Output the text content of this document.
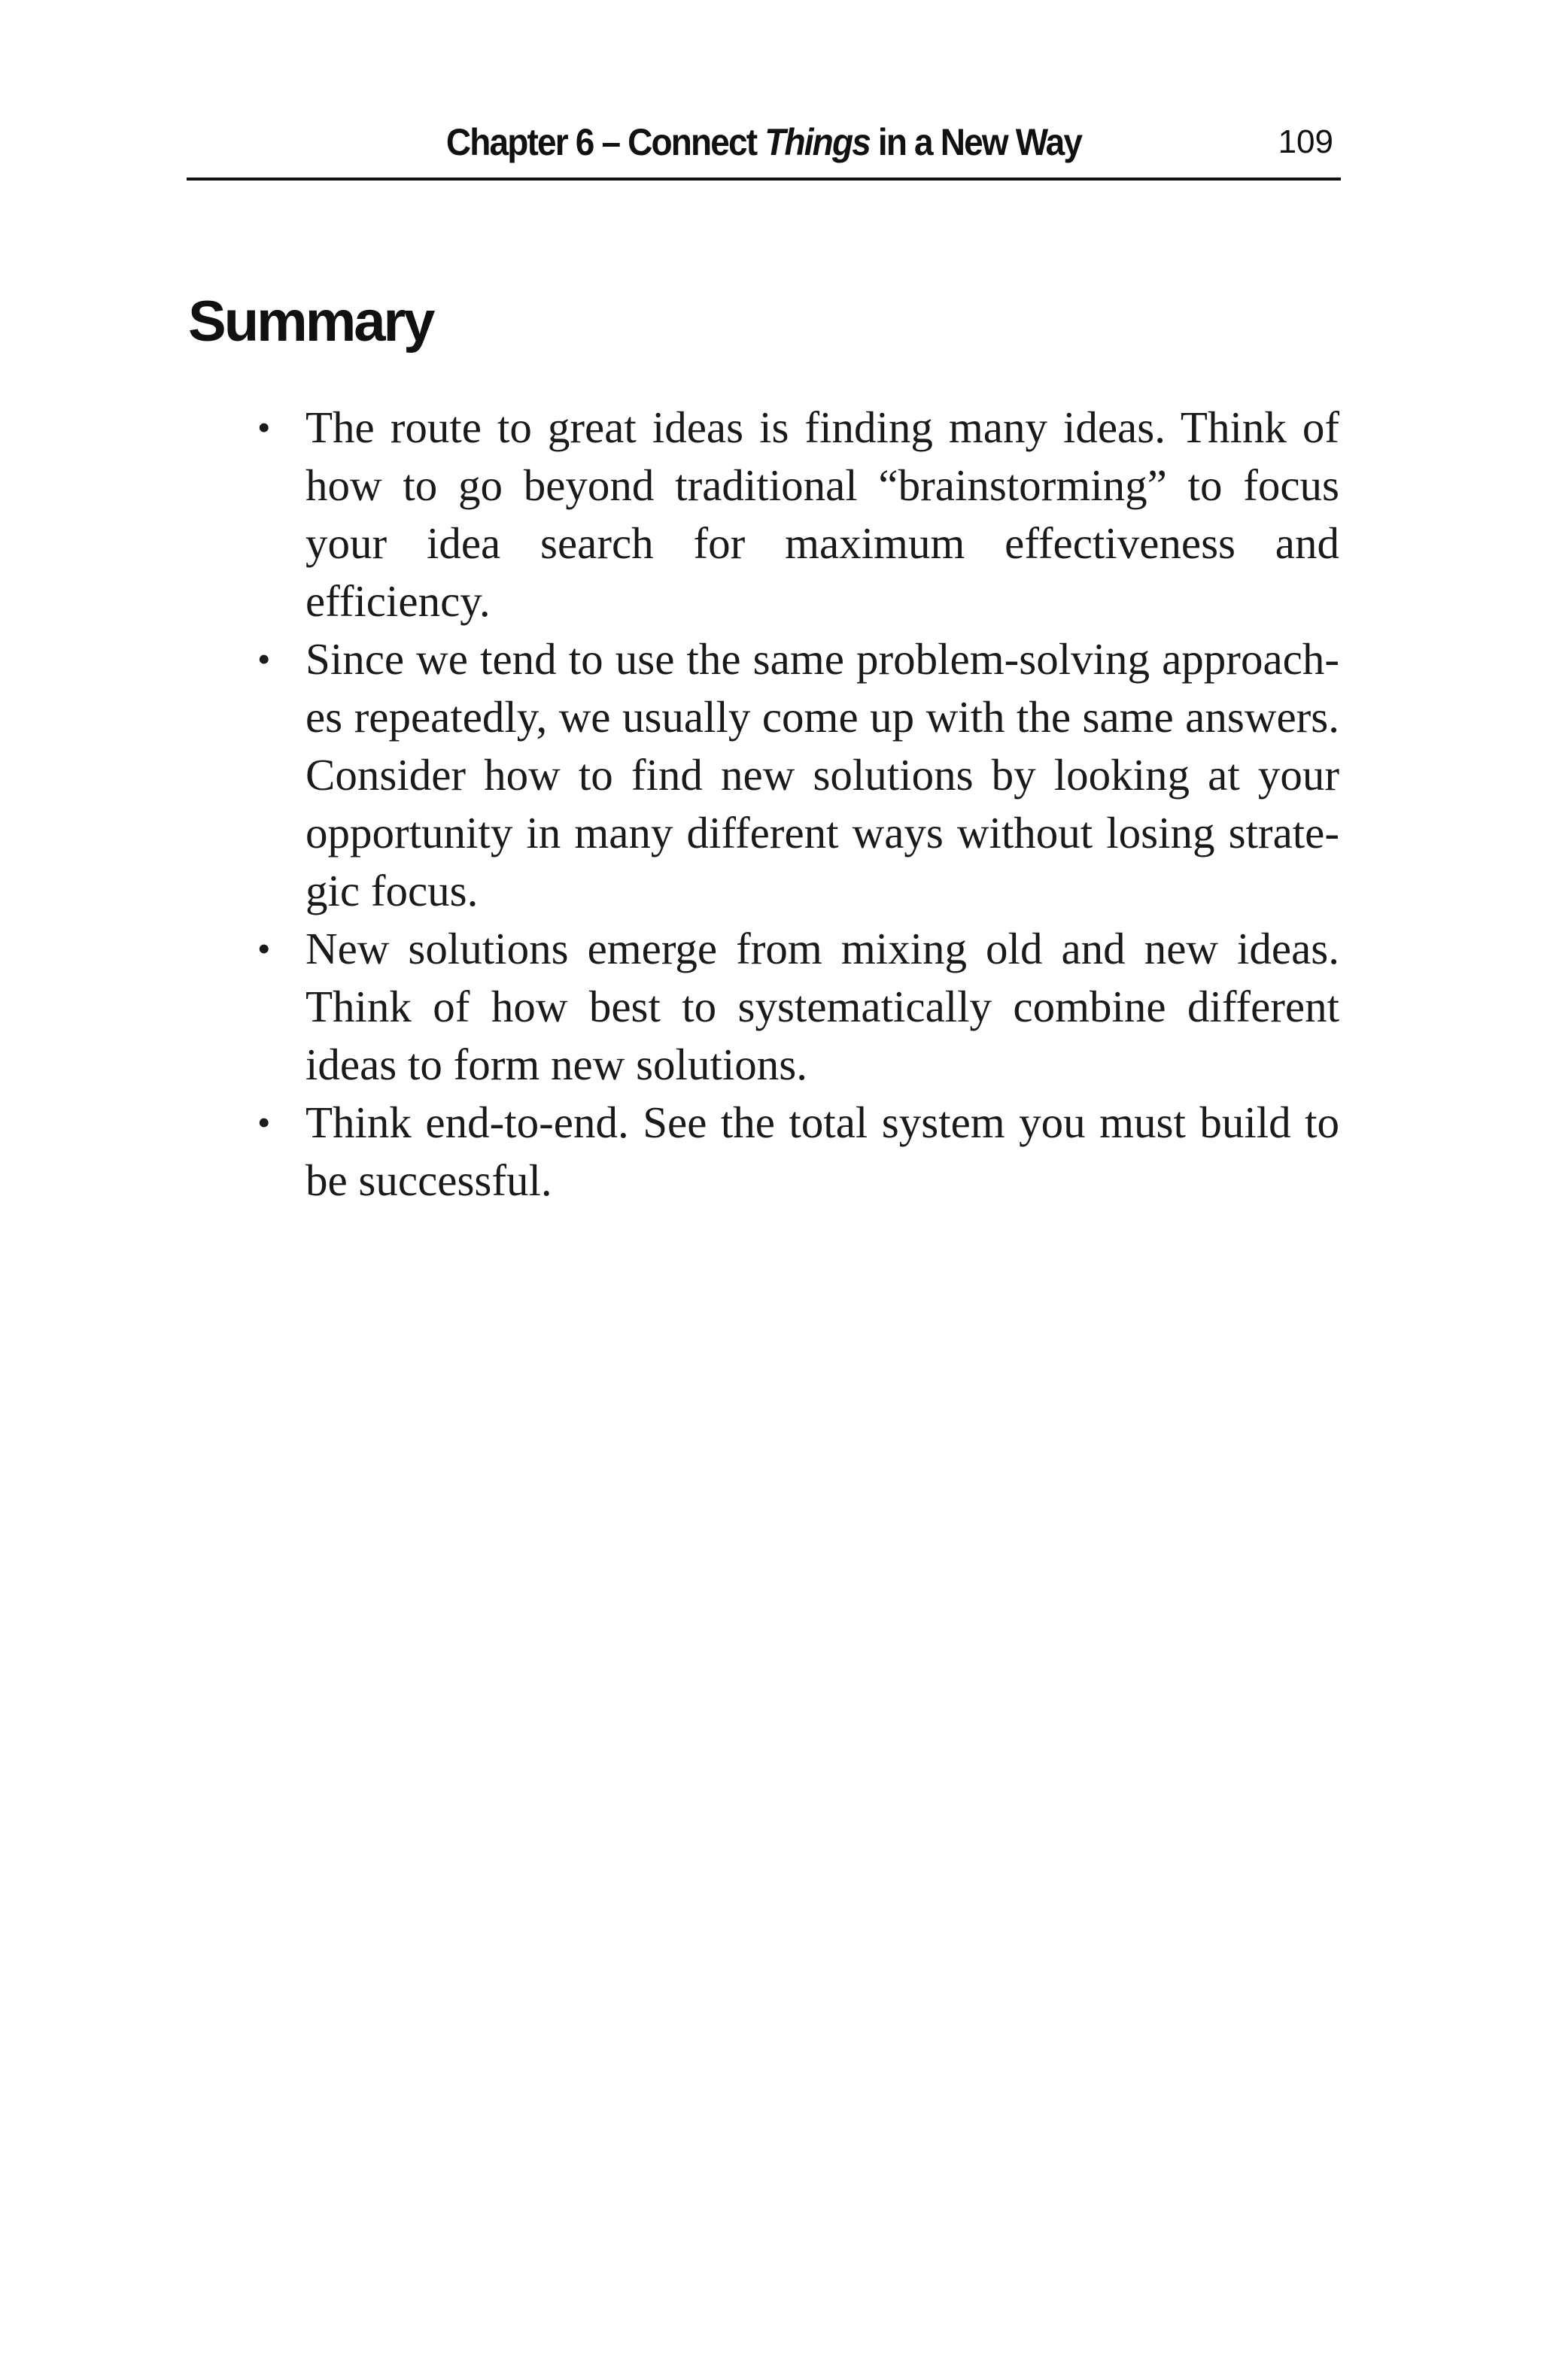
Chapter 6 – Connect Things in a New Way	109
Summary
• The route to great ideas is finding many ideas. Think of how to go beyond traditional “brainstorming” to focus your idea search for maximum effectiveness and efficiency.
• Since we tend to use the same problem-solving approaches repeatedly, we usually come up with the same answers. Consider how to find new solutions by looking at your opportunity in many different ways without losing strategic focus.
• New solutions emerge from mixing old and new ideas. Think of how best to systematically combine different ideas to form new solutions.
• Think end-to-end. See the total system you must build to be successful.
